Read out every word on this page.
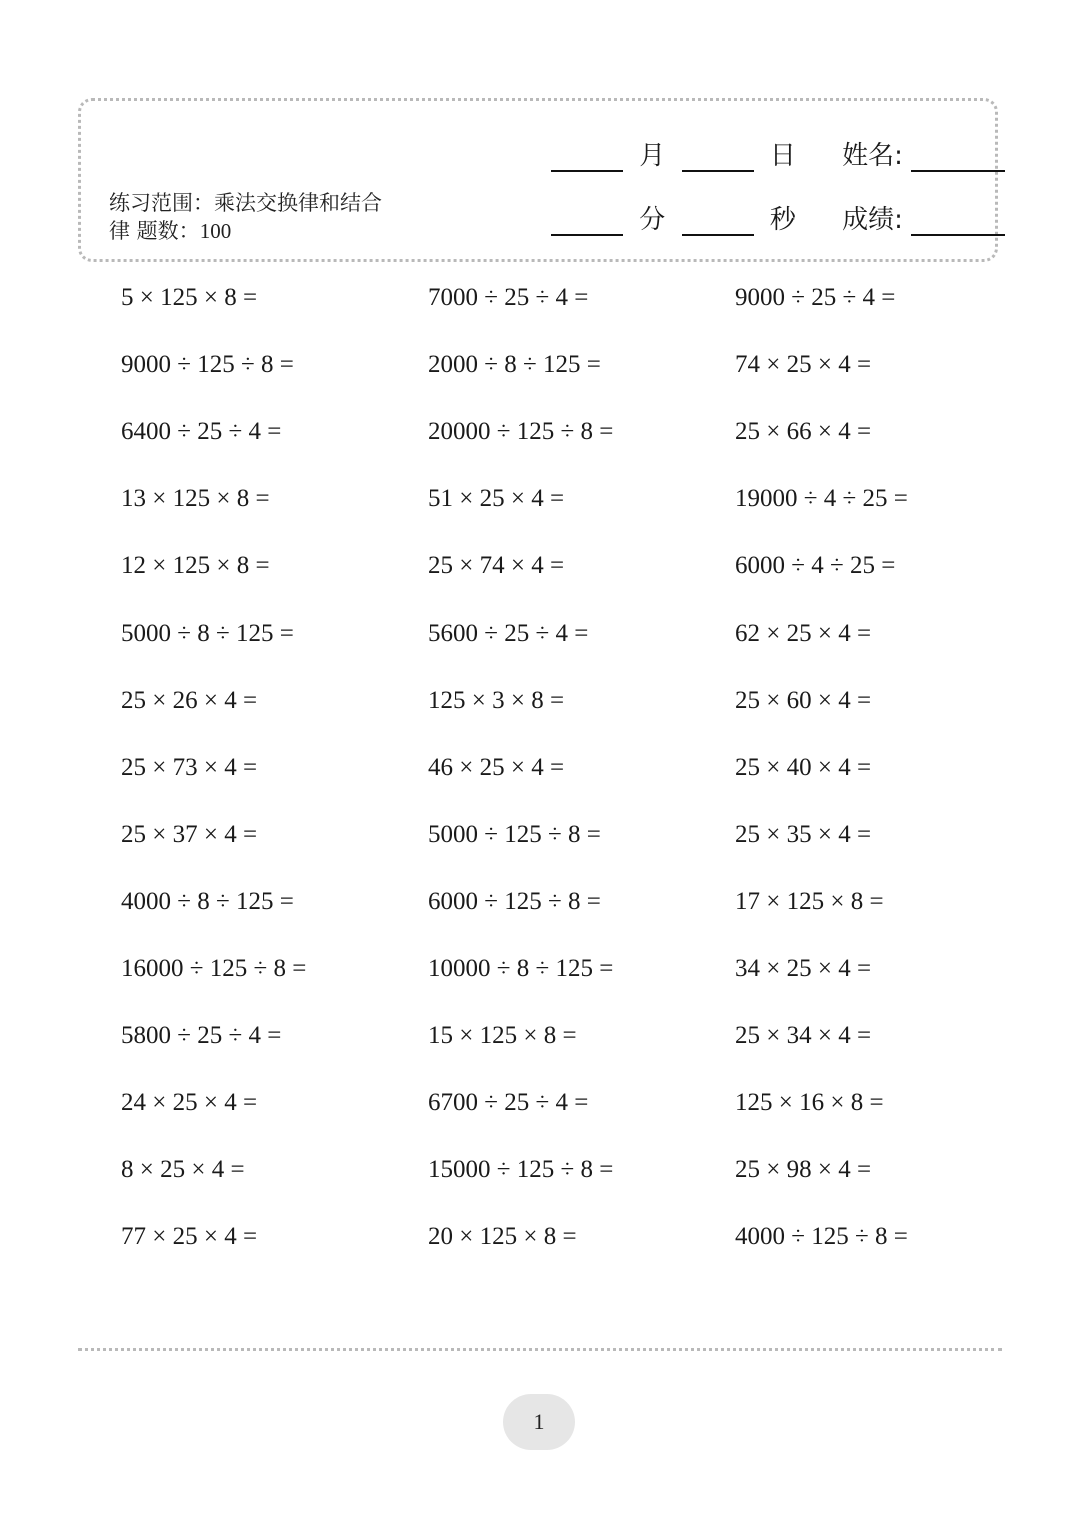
月	日 姓名:
分	秒 成绩:
练习范围：乘法交换律和结合
律 题数：100
5 × 125 × 8 =	7000 ÷ 25 ÷ 4 =	9000 ÷ 25 ÷ 4 =
9000 ÷ 125 ÷ 8 =	2000 ÷ 8 ÷ 125 =	74 × 25 × 4 =
6400 ÷ 25 ÷ 4 =	20000 ÷ 125 ÷ 8 =	25 × 66 × 4 =
13 × 125 × 8 =	51 × 25 × 4 =	19000 ÷ 4 ÷ 25 =
12 × 125 × 8 =	25 × 74 × 4 =	6000 ÷ 4 ÷ 25 =
5000 ÷ 8 ÷ 125 =	5600 ÷ 25 ÷ 4 =	62 × 25 × 4 =
25 × 26 × 4 =	125 × 3 × 8 =	25 × 60 × 4 =
25 × 73 × 4 =	46 × 25 × 4 =	25 × 40 × 4 =
25 × 37 × 4 =	5000 ÷ 125 ÷ 8 =	25 × 35 × 4 =
4000 ÷ 8 ÷ 125 =	6000 ÷ 125 ÷ 8 =	17 × 125 × 8 =
16000 ÷ 125 ÷ 8 =	10000 ÷ 8 ÷ 125 =	34 × 25 × 4 =
5800 ÷ 25 ÷ 4 =	15 × 125 × 8 =	25 × 34 × 4 =
24 × 25 × 4 =	6700 ÷ 25 ÷ 4 =	125 × 16 × 8 =
8 × 25 × 4 =	15000 ÷ 125 ÷ 8 =	25 × 98 × 4 =
77 × 25 × 4 =	20 × 125 × 8 =	4000 ÷ 125 ÷ 8 =
1
